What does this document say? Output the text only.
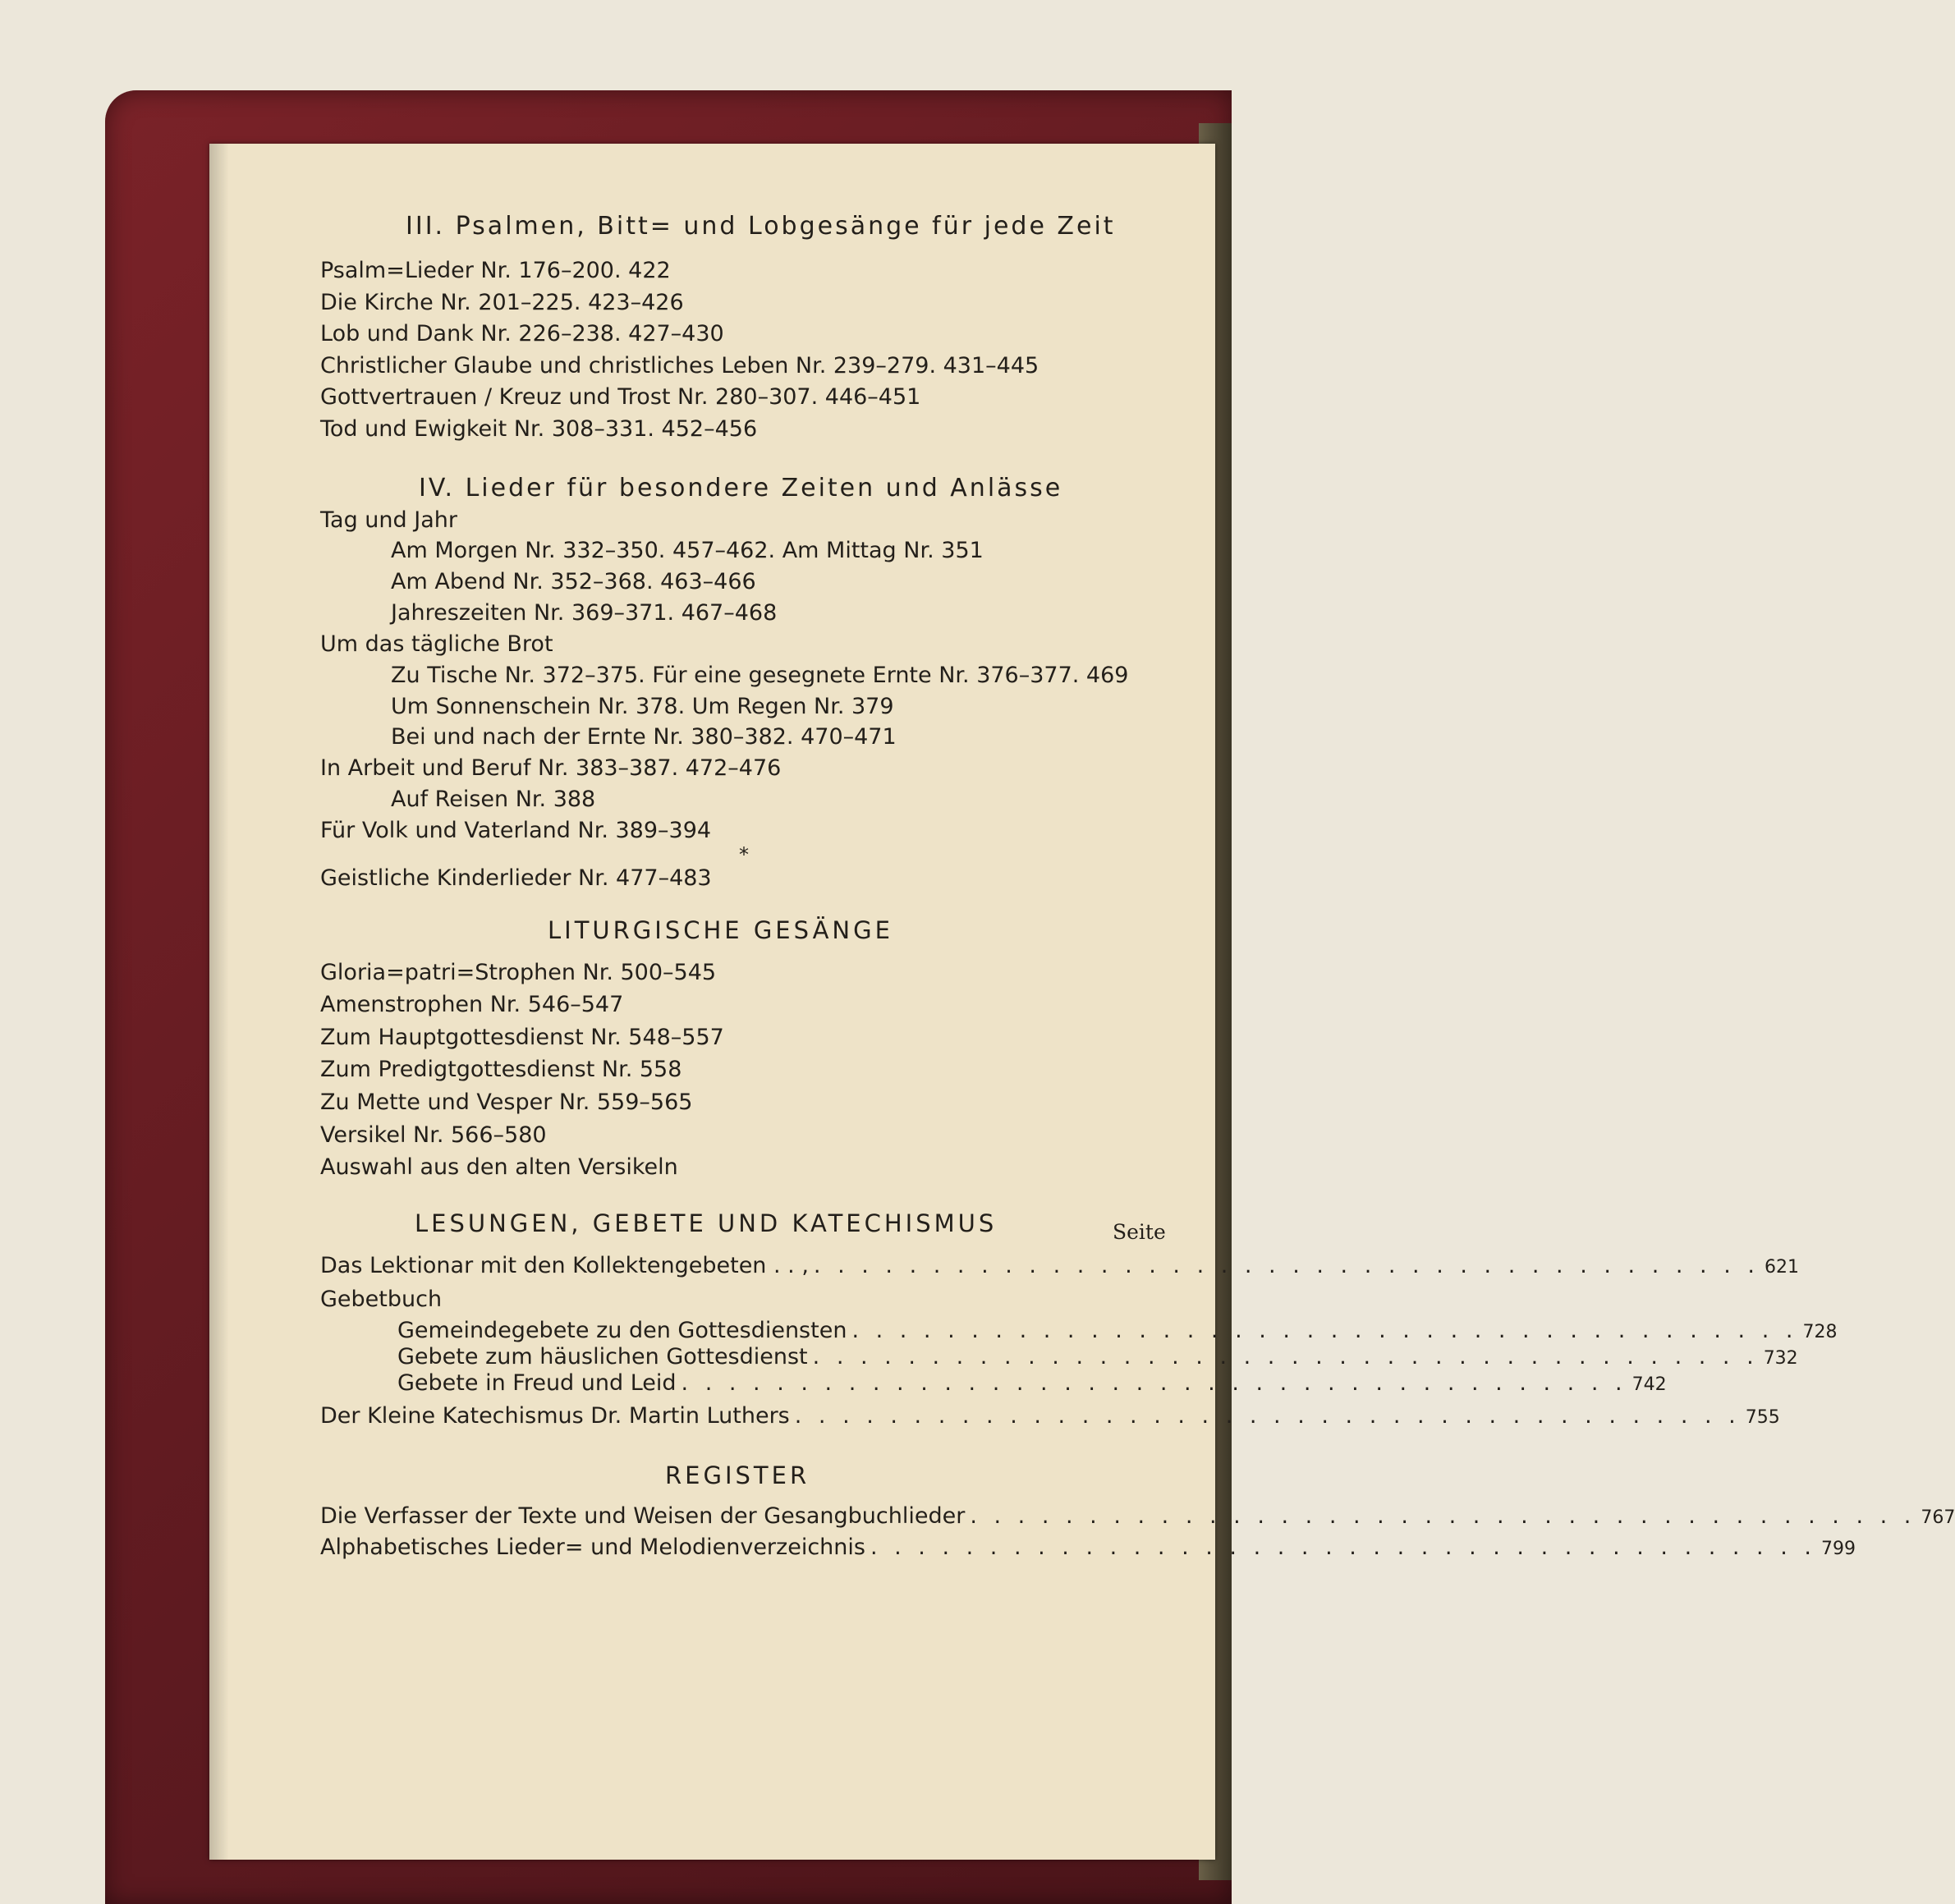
III. Psalmen, Bitt= und Lobgesänge für jede Zeit
Psalm=Lieder Nr. 176–200. 422
Die Kirche Nr. 201–225. 423–426
Lob und Dank Nr. 226–238. 427–430
Christlicher Glaube und christliches Leben Nr. 239–279. 431–445
Gottvertrauen / Kreuz und Trost Nr. 280–307. 446–451
Tod und Ewigkeit Nr. 308–331. 452–456
IV. Lieder für besondere Zeiten und Anlässe
Tag und Jahr
Am Morgen Nr. 332–350. 457–462. Am Mittag Nr. 351
Am Abend Nr. 352–368. 463–466
Jahreszeiten Nr. 369–371. 467–468
Um das tägliche Brot
Zu Tische Nr. 372–375. Für eine gesegnete Ernte Nr. 376–377. 469
Um Sonnenschein Nr. 378. Um Regen Nr. 379
Bei und nach der Ernte Nr. 380–382. 470–471
In Arbeit und Beruf Nr. 383–387. 472–476
Auf Reisen Nr. 388
Für Volk und Vaterland Nr. 389–394
*
Geistliche Kinderlieder Nr. 477–483
LITURGISCHE GESÄNGE
Gloria=patri=Strophen Nr. 500–545
Amenstrophen Nr. 546–547
Zum Hauptgottesdienst Nr. 548–557
Zum Predigtgottesdienst Nr. 558
Zu Mette und Vesper Nr. 559–565
Versikel Nr. 566–580
Auswahl aus den alten Versikeln
LESUNGEN, GEBETE UND KATECHISMUS	Seite
Das Lektionar mit den Kollektengebeten . . , . . . . . . . . . . . . . . . . . . . . . . . . . . . . . . . . . . . . . . . . 621
Gebetbuch
Gemeindegebete zu den Gottesdiensten . . . . . . . . . . . . . . . . . . . . . . . . . . . . . . . . . . . . . . . . 728
Gebete zum häuslichen Gottesdienst . . . . . . . . . . . . . . . . . . . . . . . . . . . . . . . . . . . . . . . . 732
Gebete in Freud und Leid . . . . . . . . . . . . . . . . . . . . . . . . . . . . . . . . . . . . . . . . 742
Der Kleine Katechismus Dr. Martin Luthers . . . . . . . . . . . . . . . . . . . . . . . . . . . . . . . . . . . . . . . . 755
REGISTER
Die Verfasser der Texte und Weisen der Gesangbuchlieder . . . . . . . . . . . . . . . . . . . . . . . . . . . . . . . . . . . . . . . . 767
Alphabetisches Lieder= und Melodienverzeichnis . . . . . . . . . . . . . . . . . . . . . . . . . . . . . . . . . . . . . . . . 799
